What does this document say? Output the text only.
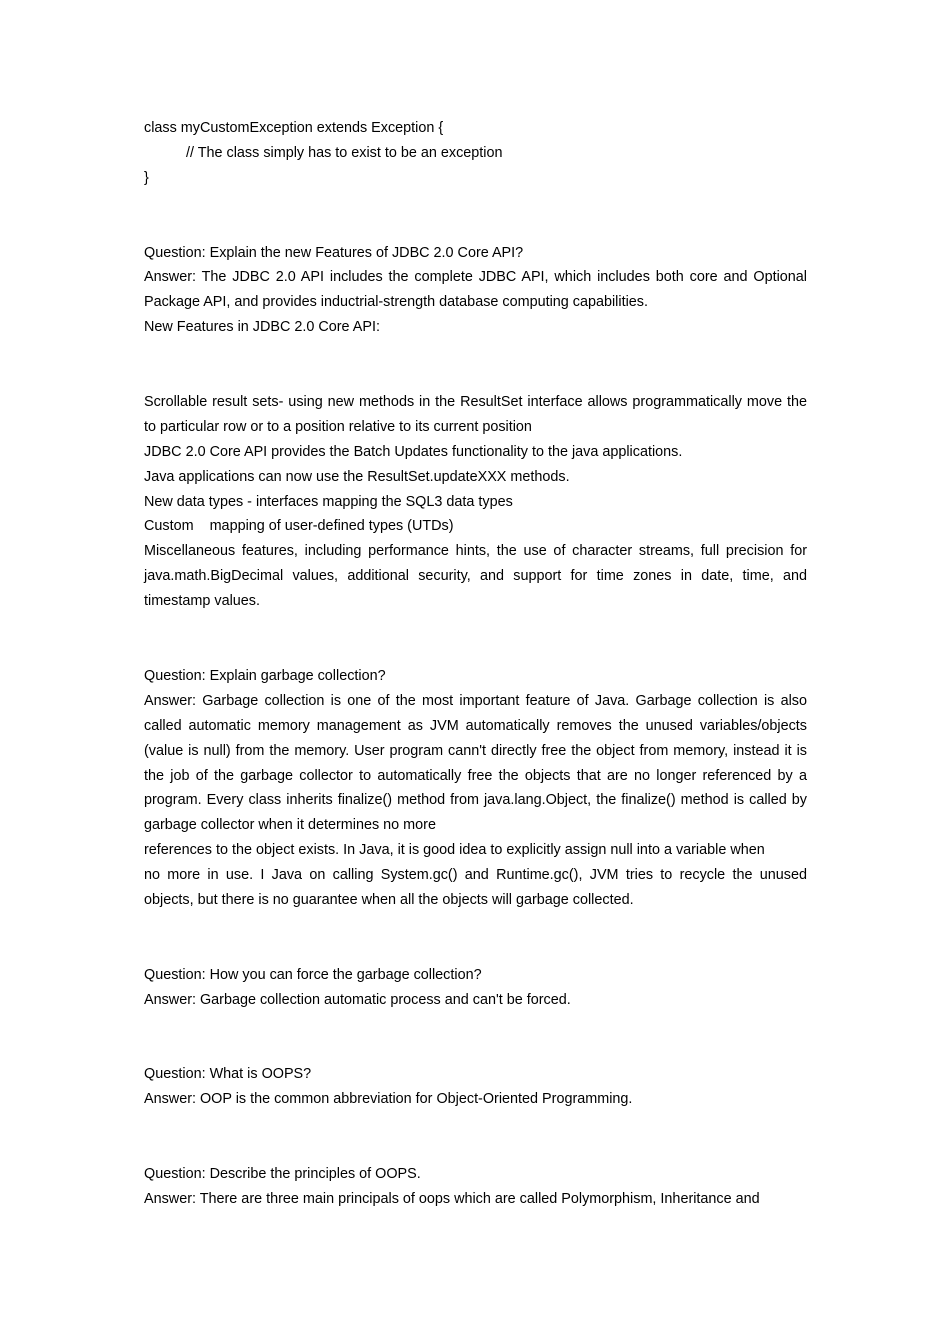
class myCustomException extends Exception {
// The class simply has to exist to be an exception
}
Question: Explain the new Features of JDBC 2.0 Core API?
Answer: The JDBC 2.0 API includes the complete JDBC API, which includes both core and Optional Package API, and provides inductrial-strength database computing capabilities.
New Features in JDBC 2.0 Core API:
Scrollable result sets- using new methods in the ResultSet interface allows programmatically move the to particular row or to a position relative to its current position
JDBC 2.0 Core API provides the Batch Updates functionality to the java applications.
Java applications can now use the ResultSet.updateXXX methods.
New data types - interfaces mapping the SQL3 data types
Custom    mapping of user-defined types (UTDs)
Miscellaneous features, including performance hints, the use of character streams, full precision for java.math.BigDecimal values, additional security, and support for time zones in date, time, and timestamp values.
Question: Explain garbage collection?
Answer: Garbage collection is one of the most important feature of Java. Garbage collection is also called automatic memory management as JVM automatically removes the unused variables/objects (value is null) from the memory. User program cann't directly free the object from memory, instead it is the job of the garbage collector to automatically free the objects that are no longer referenced by a program. Every class inherits finalize() method from java.lang.Object, the finalize() method is called by garbage collector when it determines no more
references to the object exists. In Java, it is good idea to explicitly assign null into a variable when
no more in use. I Java on calling System.gc() and Runtime.gc(), JVM tries to recycle the unused objects, but there is no guarantee when all the objects will garbage collected.
Question: How you can force the garbage collection?
Answer: Garbage collection automatic process and can't be forced.
Question: What is OOPS?
Answer: OOP is the common abbreviation for Object-Oriented Programming.
Question: Describe the principles of OOPS.
Answer: There are three main principals of oops which are called Polymorphism, Inheritance and
